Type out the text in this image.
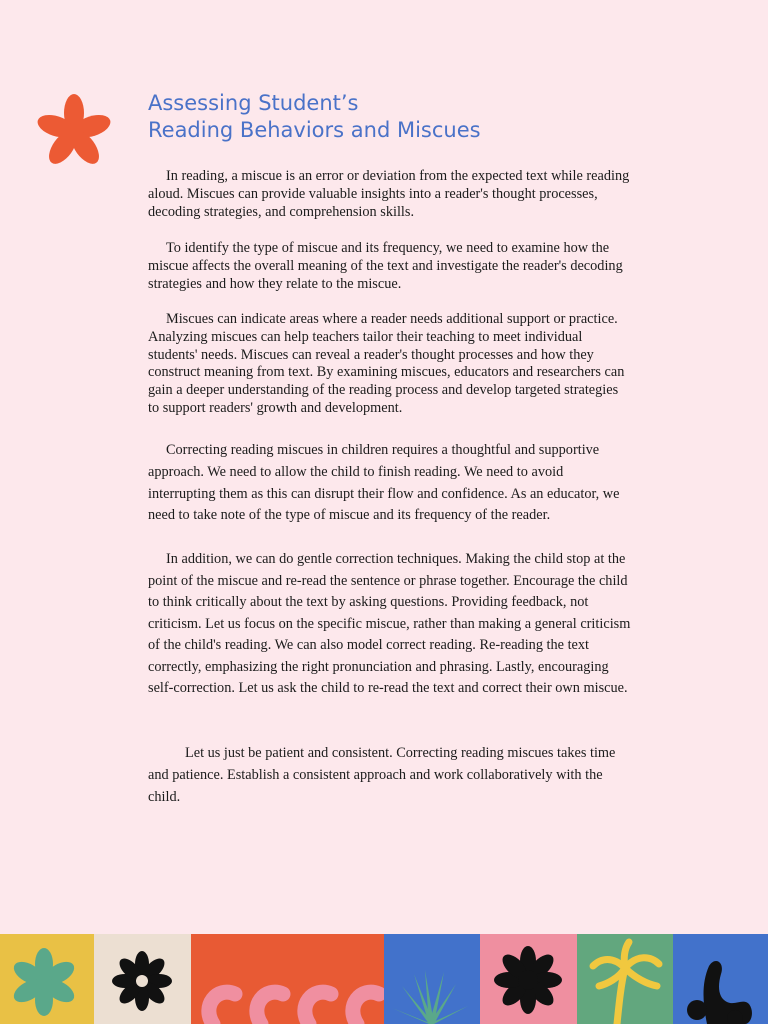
Assessing Student’s
Reading Behaviors and Miscues

In reading, a miscue is an error or deviation from the expected text while reading aloud. Miscues can provide valuable insights into a reader's thought processes, decoding strategies, and comprehension skills.

To identify the type of miscue and its frequency, we need to examine how the miscue affects the overall meaning of the text and investigate the reader's decoding strategies and how they relate to the miscue.

Miscues can indicate areas where a reader needs additional support or practice. Analyzing miscues can help teachers tailor their teaching to meet individual students' needs. Miscues can reveal a reader's thought processes and how they construct meaning from text. By examining miscues, educators and researchers can gain a deeper understanding of the reading process and develop targeted strategies to support readers' growth and development.

Correcting reading miscues in children requires a thoughtful and supportive approach. We need to allow the child to finish reading. We need to avoid interrupting them as this can disrupt their flow and confidence. As an educator, we need to take note of the type of miscue and its frequency of the reader.

In addition, we can do gentle correction techniques. Making the child stop at the point of the miscue and re-read the sentence or phrase together. Encourage the child to think critically about the text by asking questions. Providing feedback, not criticism. Let us focus on the specific miscue, rather than making a general criticism of the child's reading. We can also model correct reading. Re-reading the text correctly, emphasizing the right pronunciation and phrasing. Lastly, encouraging self-correction. Let us ask the child to re-read the text and correct their own miscue.

Let us just be patient and consistent. Correcting reading miscues takes time and patience. Establish a consistent approach and work collaboratively with the child.
